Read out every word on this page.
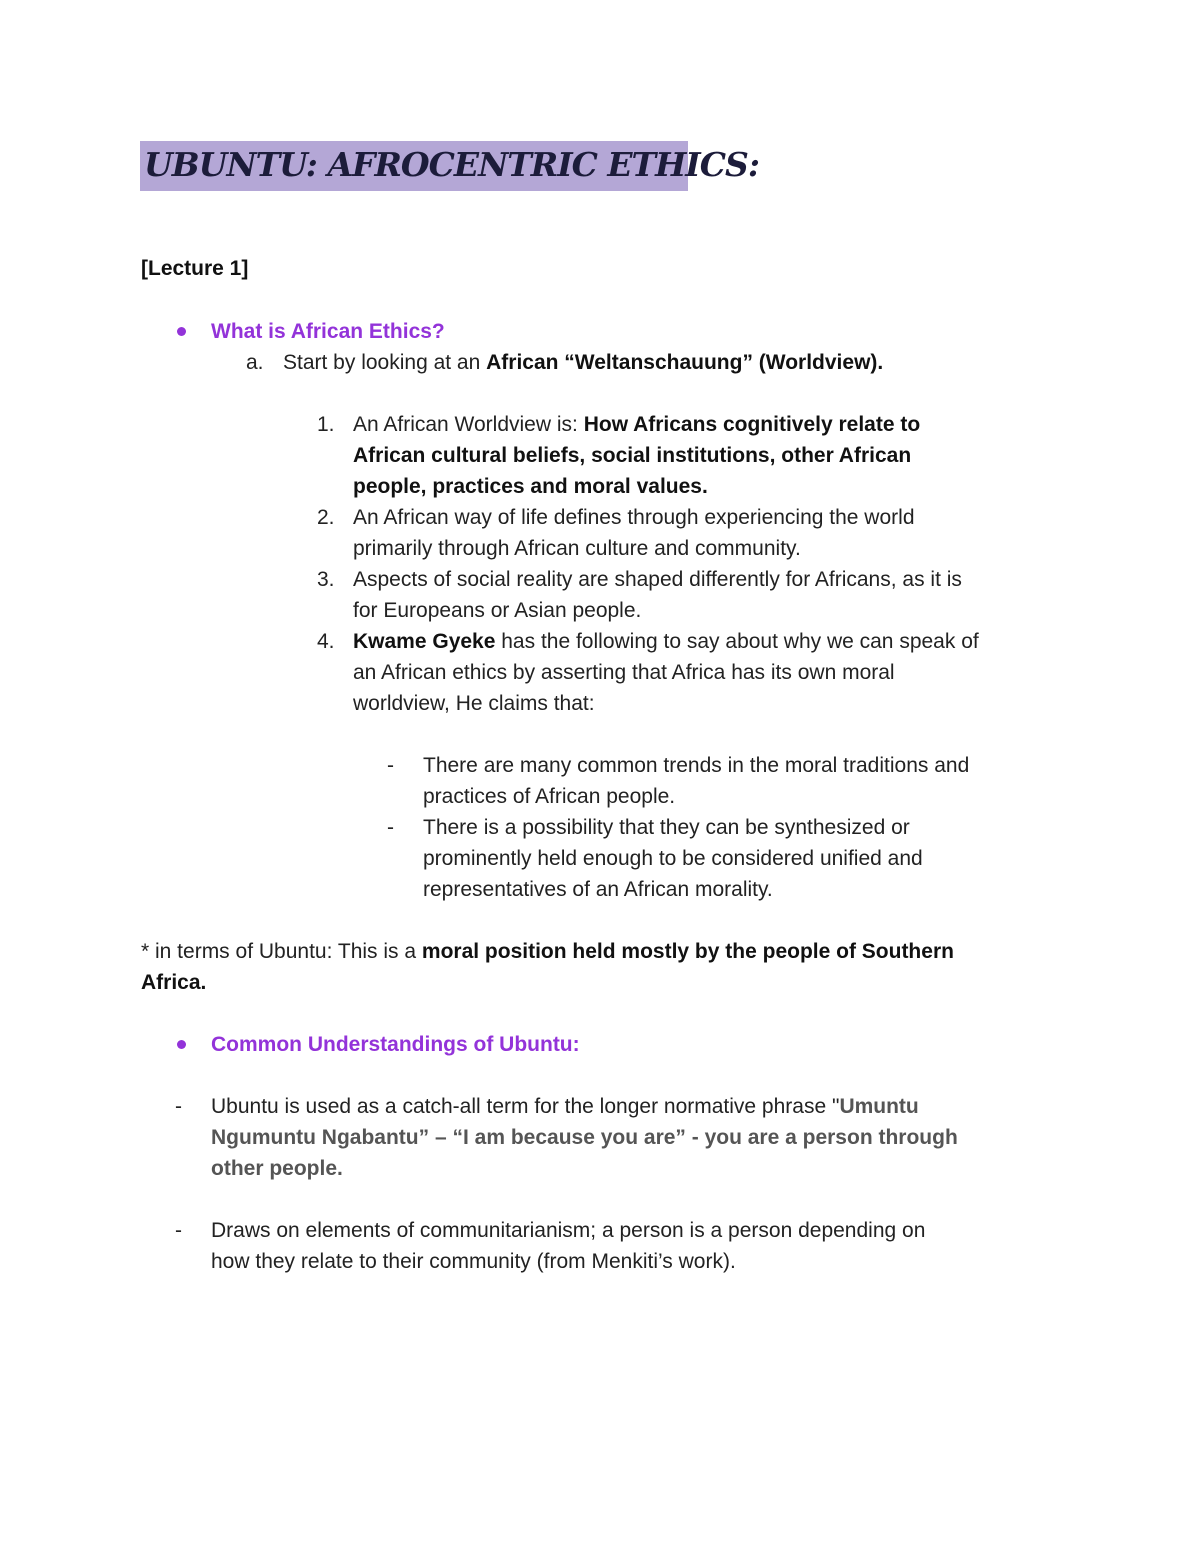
UBUNTU: AFROCENTRIC ETHICS:
[Lecture 1]
What is African Ethics?
a. Start by looking at an African “Weltanschauung” (Worldview).
1. An African Worldview is: How Africans cognitively relate to
African cultural beliefs, social institutions, other African
people, practices and moral values.
2. An African way of life defines through experiencing the world
primarily through African culture and community.
3. Aspects of social reality are shaped differently for Africans, as it is
for Europeans or Asian people.
4. Kwame Gyeke has the following to say about why we can speak of
an African ethics by asserting that Africa has its own moral
worldview, He claims that:
- There are many common trends in the moral traditions and
practices of African people.
- There is a possibility that they can be synthesized or
prominently held enough to be considered unified and
representatives of an African morality.
* in terms of Ubuntu: This is a moral position held mostly by the people of Southern
Africa.
Common Understandings of Ubuntu:
- Ubuntu is used as a catch-all term for the longer normative phrase "Umuntu
Ngumuntu Ngabantu” – “I am because you are” - you are a person through
other people.
- Draws on elements of communitarianism; a person is a person depending on
how they relate to their community (from Menkiti’s work).
